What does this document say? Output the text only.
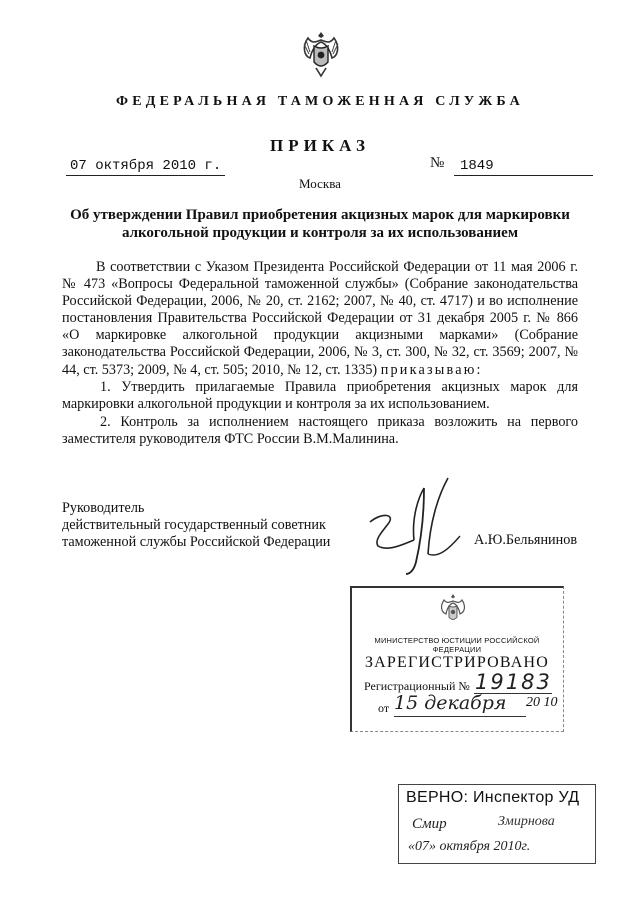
ФЕДЕРАЛЬНАЯ ТАМОЖЕННАЯ СЛУЖБА
ПРИКАЗ
07 октября 2010 г.	№	1849
Москва
Об утверждении Правил приобретения акцизных марок для маркировки
алкогольной продукции и контроля за их использованием
В соответствии с Указом Президента Российской Федерации от 11 мая 2006 г. № 473 «Вопросы Федеральной таможенной службы» (Собрание законодательства Российской Федерации, 2006, № 20, ст. 2162; 2007, № 40, ст. 4717) и во исполнение постановления Правительства Российской Федерации от 31 декабря 2005 г. № 866 «О маркировке алкогольной продукции акцизными марками» (Собрание законодательства Российской Федерации, 2006, № 3, ст. 300, № 32, ст. 3569; 2007, № 44, ст. 5373; 2009, № 4, ст. 505; 2010, № 12, ст. 1335) приказываю:
1. Утвердить прилагаемые Правила приобретения акцизных марок для маркировки алкогольной продукции и контроля за их использованием.
2. Контроль за исполнением настоящего приказа возложить на первого заместителя руководителя ФТС России В.М.Малинина.
Руководитель
действительный государственный советник
таможенной службы Российской Федерации	А.Ю.Бельянинов
МИНИСТЕРСТВО ЮСТИЦИИ РОССИЙСКОЙ ФЕДЕРАЦИИ
ЗАРЕГИСТРИРОВАНО
Регистрационный № 19183
от 15 декабря 20 10
ВЕРНО: Инспектор УД
Смир	Змирнова
«07» октября 2010г.
